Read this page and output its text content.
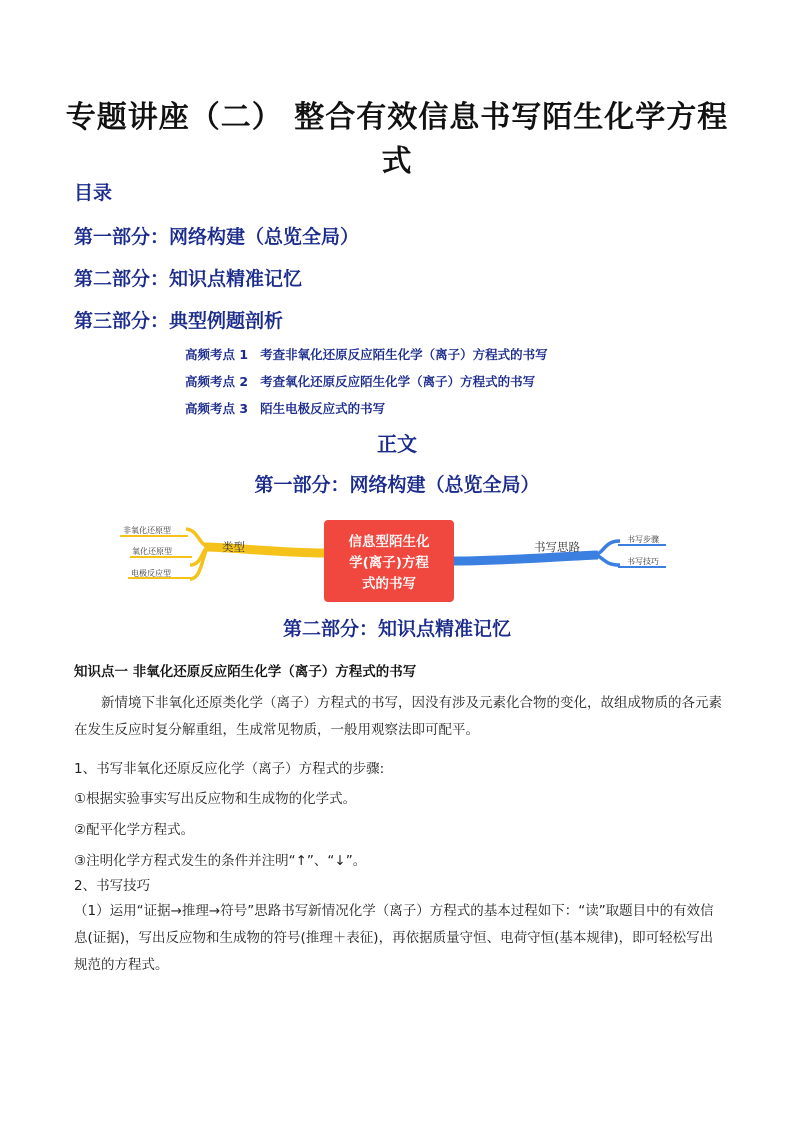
专题讲座（二） 整合有效信息书写陌生化学方程式
目录
第一部分：网络构建（总览全局）
第二部分：知识点精准记忆
第三部分：典型例题剖析
高频考点 1 考查非氧化还原反应陌生化学（离子）方程式的书写
高频考点 2 考查氧化还原反应陌生化学（离子）方程式的书写
高频考点 3 陌生电极反应式的书写
正文
第一部分：网络构建（总览全局）
类型
非氧化还原型
氧化还原型
电极反应型
信息型陌生化
学(离子)方程
式的书写
书写思路
书写步骤
书写技巧
第二部分：知识点精准记忆
知识点一 非氧化还原反应陌生化学（离子）方程式的书写

新情境下非氧化还原类化学（离子）方程式的书写，因没有涉及元素化合物的变化，故组成物质的各元素在发生反应时复分解重组，生成常见物质，一般用观察法即可配平。

1、书写非氧化还原反应化学（离子）方程式的步骤:
①根据实验事实写出反应物和生成物的化学式。
②配平化学方程式。
③注明化学方程式发生的条件并注明“↑”、“↓”。
2、书写技巧

（1）运用“证据→推理→符号”思路书写新情况化学（离子）方程式的基本过程如下：“读”取题目中的有效信息(证据)，写出反应物和生成物的符号(推理＋表征)，再依据质量守恒、电荷守恒(基本规律)，即可轻松写出规范的方程式。
